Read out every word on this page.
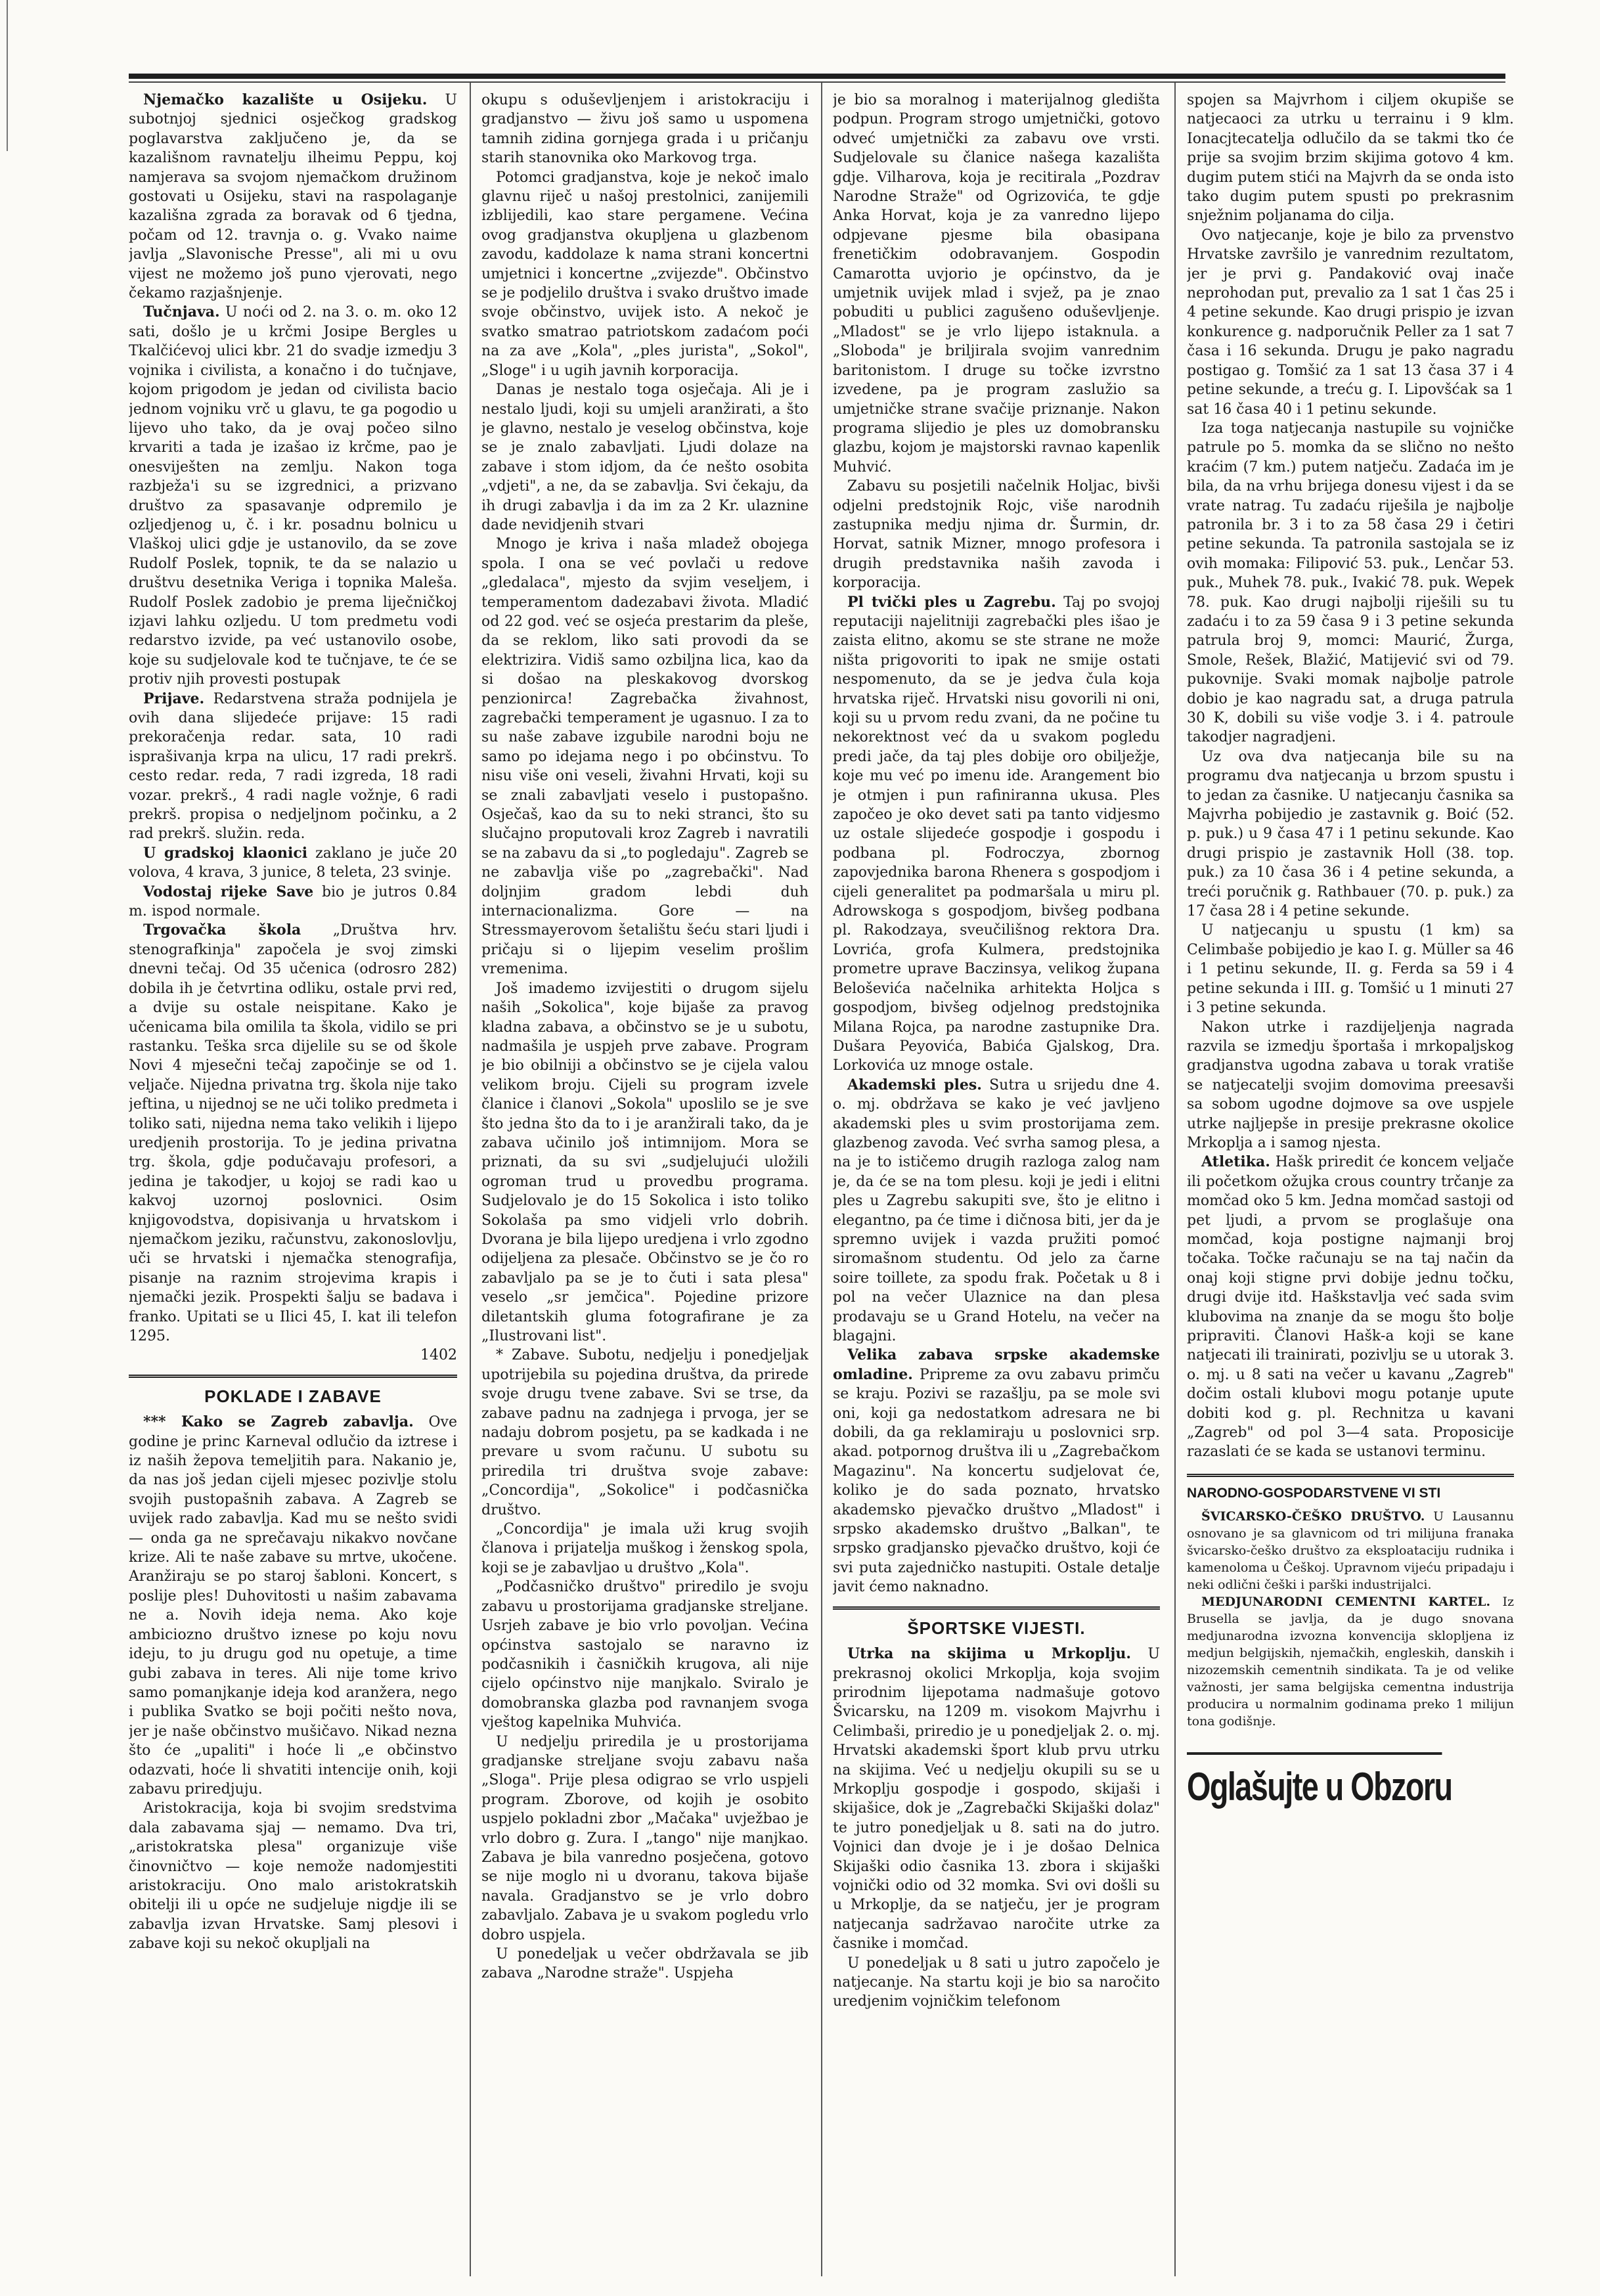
Njemačko kazalište u Osijeku. U subotnjoj sjednici osječkog gradskog poglavarstva zaključeno je, da se kazališnom ravnatelju ilheimu Peppu, koj namjerava sa svojom njemačkom družinom gostovati u Osijeku, stavi na raspolaganje kazališna zgrada za boravak od 6 tjedna, počam od 12. travnja o. g. Vvako naime javlja „Slavonische Presse", ali mi u ovu vijest ne možemo još puno vjerovati, nego čekamo razjašnjenje.

Tučnjava. U noći od 2. na 3. o. m. oko 12 sati, došlo je u krčmi Josipe Bergles u Tkalčićevoj ulici kbr. 21 do svadje izmedju 3 vojnika i civilista, a konačno i do tučnjave, kojom prigodom je jedan od civilista bacio jednom vojniku vrč u glavu, te ga pogodio u lijevo uho tako, da je ovaj počeo silno krvariti a tada je izašao iz krčme, pao je onesviješten na zemlju. Nakon toga razbježa'i su se izgrednici, a prizvano društvo za spasavanje odpremilo je ozljedjenog u, č. i kr. posadnu bolnicu u Vlaškoj ulici gdje je ustanovilo, da se zove Rudolf Poslek, topnik, te da se nalazio u društvu desetnika Veriga i topnika Maleša. Rudolf Poslek zadobio je prema liječničkoj izjavi lahku ozljedu. U tom predmetu vodi redarstvo izvide, pa već ustanovilo osobe, koje su sudjelovale kod te tučnjave, te će se protiv njih provesti postupak

Prijave. Redarstvena straža podnijela je ovih dana slijedeće prijave: 15 radi prekoračenja redar. sata, 10 radi isprašivanja krpa na ulicu, 17 radi prekrš. cesto redar. reda, 7 radi izgreda, 18 radi vozar. prekrš., 4 radi nagle vožnje, 6 radi prekrš. propisa o nedjeljnom počinku, a 2 rad prekrš. služin. reda.

U gradskoj klaonici zaklano je juče 20 volova, 4 krava, 3 junice, 8 teleta, 23 svinje.

Vodostaj rijeke Save bio je jutros 0.84 m. ispod normale.

Trgovačka škola „Društva hrv. stenografkinja" započela je svoj zimski dnevni tečaj. Od 35 učenica (odrosro 282) dobila ih je četvrtina odliku, ostale prvi red, a dvije su ostale neispitane. Kako je učenicama bila omilila ta škola, vidilo se pri rastanku. Teška srca dijelile su se od škole Novi 4 mjesečni tečaj započinje se od 1. veljače. Nijedna privatna trg. škola nije tako jeftina, u nijednoj se ne uči toliko predmeta i toliko sati, nijedna nema tako velikih i lijepo uredjenih prostorija. To je jedina privatna trg. škola, gdje podučavaju profesori, a jedina je takodjer, u kojoj se radi kao u kakvoj uzornoj poslovnici. Osim knjigovodstva, dopisivanja u hrvatskom i njemačkom jeziku, računstvu, zakonoslovlju, uči se hrvatski i njemačka stenografija, pisanje na raznim strojevima krapis i njemački jezik. Prospekti šalju se badava i franko. Upitati se u Ilici 45, I. kat ili telefon 1295.

1402
POKLADE I ZABAVE

*** Kako se Zagreb zabavlja. Ove godine je princ Karneval odlučio da iztrese i iz naših žepova temeljitih para. Nakanio je, da nas još jedan cijeli mjesec pozivlje stolu svojih pustopašnih zabava. A Zagreb se uvijek rado zabavlja. Kad mu se nešto svidi — onda ga ne sprečavaju nikakvo novčane krize. Ali te naše zabave su mrtve, ukočene. Aranžiraju se po staroj šabloni. Koncert, s poslije ples! Duhovitosti u našim zabavama ne a. Novih ideja nema. Ako koje ambiciozno društvo iznese po koju novu ideju, to ju drugu god nu opetuje, a time gubi zabava in teres. Ali nije tome krivo samo pomanjkanje ideja kod aranžera, nego i publika Svatko se boji počiti nešto nova, jer je naše občinstvo mušičavo. Nikad nezna što će „upaliti" i hoće li „e občinstvo odazvati, hoće li shvatiti intencije onih, koji zabavu priredjuju.

Aristokracija, koja bi svojim sredstvima dala zabavama sjaj — nemamo. Dva tri, „aristokratska plesa" organizuje više činovničtvo — koje nemože nadomjestiti aristokraciju. Ono malo aristokratskih obitelji ili u opće ne sudjeluje nigdje ili se zabavlja izvan Hrvatske. Samj plesovi i zabave koji su nekoč okupljali na

okupu s oduševljenjem i aristokraciju i gradjanstvo — živu još samo u uspomena tamnih zidina gornjega grada i u pričanju starih stanovnika oko Markovog trga.

Potomci gradjanstva, koje je nekoč imalo glavnu riječ u našoj prestolnici, zanijemili izblijedili, kao stare pergamene. Većina ovog gradjanstva okupljena u glazbenom zavodu, kaddolaze k nama strani koncertni umjetnici i koncertne „zvijezde". Občinstvo se je podjelilo društva i svako društvo imade svoje občinstvo, uvijek isto. A nekoč je svatko smatrao patriotskom zadaćom poći na za ave „Kola", „ples jurista", „Sokol", „Sloge" i u ugih javnih korporacija.

Danas je nestalo toga osječaja. Ali je i nestalo ljudi, koji su umjeli aranžirati, a što je glavno, nestalo je veselog občinstva, koje se je znalo zabavljati. Ljudi dolaze na zabave i stom idjom, da će nešto osobita „vdjeti", a ne, da se zabavlja. Svi čekaju, da ih drugi zabavlja i da im za 2 Kr. ulaznine dade nevidjenih stvari

Mnogo je kriva i naša mladež obojega spola. I ona se već povlači u redove „gledalaca", mjesto da svjim veseljem, i temperamentom dadezabavi života. Mladić od 22 god. već se osjeća prestarim da pleše, da se reklom, liko sati provodi da se elektrizira. Vidiš samo ozbiljna lica, kao da si došao na pleskakovog dvorskog penzionirca! Zagrebačka živahnost, zagrebački temperament je ugasnuo. I za to su naše zabave izgubile narodni boju ne samo po idejama nego i po obćinstvu. To nisu više oni veseli, živahni Hrvati, koji su se znali zabavljati veselo i pustopašno. Osječaš, kao da su to neki stranci, što su slučajno proputovali kroz Zagreb i navratili se na zabavu da si „to pogledaju". Zagreb se ne zabavlja više po „zagrebački". Nad doljnjim gradom lebdi duh internacionalizma. Gore — na Stressmayerovom šetalištu šeću stari ljudi i pričaju si o lijepim veselim prošlim vremenima.

Još imademo izvijestiti o drugom sijelu naših „Sokolica", koje bijaše za pravog kladna zabava, a občinstvo se je u subotu, nadmašila je uspjeh prve zabave. Program je bio obilniji a občinstvo se je cijela valou velikom broju. Cijeli su program izvele članice i članovi „Sokola" uposlilo se je sve što jedna što da to i je aranžirali tako, da je zabava učinilo još intimnijom. Mora se priznati, da su svi „sudjelujući uložili ogroman trud u provedbu programa. Sudjelovalo je do 15 Sokolica i isto toliko Sokolaša pa smo vidjeli vrlo dobrih. Dvorana je bila lijepo uredjena i vrlo zgodno odijeljena za plesače. Občinstvo se je čo ro zabavljalo pa se je to čuti i sata plesa" veselo „sr jemčica". Pojedine prizore diletantskih gluma fotografirane je za „Ilustrovani list".

* Zabave. Subotu, nedjelju i ponedjeljak upotrijebila su pojedina društva, da prirede svoje drugu tvene zabave. Svi se trse, da zabave padnu na zadnjega i prvoga, jer se nadaju dobrom posjetu, pa se kadkada i ne prevare u svom računu. U subotu su priredila tri društva svoje zabave: „Concordija", „Sokolice" i podčasnička društvo.

„Concordija" je imala uži krug svojih članova i prijatelja muškog i ženskog spola, koji se je zabavljao u društvo „Kola".

„Podčasničko društvo" priredilo je svoju zabavu u prostorijama gradjanske streljane. Usrjeh zabave je bio vrlo povoljan. Većina općinstva sastojalo se naravno iz podčasnikih i časničkih krugova, ali nije cijelo općinstvo nije manjkalo. Sviralo je domobranska glazba pod ravnanjem svoga vještog kapelnika Muhvića.

U nedjelju priredila je u prostorijama gradjanske streljane svoju zabavu naša „Sloga". Prije plesa odigrao se vrlo uspjeli program. Zborove, od kojih je osobito uspjelo pokladni zbor „Mačaka" uvježbao je vrlo dobro g. Zura. I „tango" nije manjkao. Zabava je bila vanredno posječena, gotovo se nije moglo ni u dvoranu, takova bijaše navala. Gradjanstvo se je vrlo dobro zabavljalo. Zabava je u svakom pogledu vrlo dobro uspjela.

U ponedeljak u večer obdržavala se jib zabava „Narodne straže". Uspjeha

je bio sa moralnog i materijalnog gledišta podpun. Program strogo umjetnički, gotovo odveć umjetnički za zabavu ove vrsti. Sudjelovale su članice našega kazališta gdje. Vilharova, koja je recitirala „Pozdrav Narodne Straže" od Ogrizovića, te gdje Anka Horvat, koja je za vanredno lijepo odpjevane pjesme bila obasipana frenetičkim odobravanjem. Gospodin Camarotta uvjorio je općinstvo, da je umjetnik uvijek mlad i svjež, pa je znao pobuditi u publici zagušeno oduševljenje. „Mladost" se je vrlo lijepo istaknula. a „Sloboda" je briljirala svojim vanrednim baritonistom. I druge su točke izvrstno izvedene, pa je program zaslužio sa umjetničke strane svačije priznanje. Nakon programa slijedio je ples uz domobransku glazbu, kojom je majstorski ravnao kapenlik Muhvić.

Zabavu su posjetili načelnik Holjac, bivši odjelni predstojnik Rojc, više narodnih zastupnika medju njima dr. Šurmin, dr. Horvat, satnik Mizner, mnogo profesora i drugih predstavnika naših zavoda i korporacija.

Pl tvički ples u Zagrebu. Taj po svojoj reputaciji najelitniji zagrebački ples išao je zaista elitno, akomu se ste strane ne može ništa prigovoriti to ipak ne smije ostati nespomenuto, da se je jedva čula koja hrvatska riječ. Hrvatski nisu govorili ni oni, koji su u prvom redu zvani, da ne počine tu nekorektnost već da u svakom pogledu predi jače, da taj ples dobije oro obilježje, koje mu već po imenu ide. Arangement bio je otmjen i pun rafiniranna ukusa. Ples započeo je oko devet sati pa tanto vidjesmo uz ostale slijedeće gospodje i gospodu i podbana pl. Fodroczya, zbornog zapovjednika barona Rhenera s gospodjom i cijeli generalitet pa podmaršala u miru pl. Adrowskoga s gospodjom, bivšeg podbana pl. Rakodzaya, sveučilišnog rektora Dra. Lovrića, grofa Kulmera, predstojnika prometre uprave Baczinsya, velikog župana Beloševića načelnika arhitekta Holjca s gospodjom, bivšeg odjelnog predstojnika Milana Rojca, pa narodne zastupnike Dra. Dušara Peyovića, Babića Gjalskog, Dra. Lorkovića uz mnoge ostale.

Akademski ples. Sutra u srijedu dne 4. o. mj. obdržava se kako je već javljeno akademski ples u svim prostorijama zem. glazbenog zavoda. Već svrha samog plesa, a na je to ističemo drugih razloga zalog nam je, da će se na tom plesu. koji je jedi i elitni ples u Zagrebu sakupiti sve, što je elitno i elegantno, pa će time i dičnosa biti, jer da je spremno uvijek i vazda pružiti pomoć siromašnom studentu. Od jelo za čarne soire toillete, za spodu frak. Početak u 8 i pol na večer Ulaznice na dan plesa prodavaju se u Grand Hotelu, na večer na blagajni.

Velika zabava srpske akademske omladine. Pripreme za ovu zabavu primču se kraju. Pozivi se razašlju, pa se mole svi oni, koji ga nedostatkom adresara ne bi dobili, da ga reklamiraju u poslovnici srp. akad. potpornog društva ili u „Zagrebačkom Magazinu". Na koncertu sudjelovat će, koliko je do sada poznato, hrvatsko akademsko pjevačko društvo „Mladost" i srpsko akademsko društvo „Balkan", te srpsko gradjansko pjevačko društvo, koji će svi puta zajedničko nastupiti. Ostale detalje javit ćemo naknadno.

ŠPORTSKE VIJESTI.

Utrka na skijima u Mrkoplju. U prekrasnoj okolici Mrkoplja, koja svojim prirodnim lijepotama nadmašuje gotovo Švicarsku, na 1209 m. visokom Majvrhu i Celimbaši, priredio je u ponedjeljak 2. o. mj. Hrvatski akademski šport klub prvu utrku na skijima. Već u nedjelju okupili su se u Mrkoplju gospodje i gospodo, skijaši i skijašice, dok je „Zagrebački Skijaški dolaz" te jutro ponedjeljak u 8. sati na do jutro. Vojnici dan dvoje je i je došao Delnica Skijaški odio časnika 13. zbora i skijaški vojnički odio od 32 momka. Svi ovi došli su u Mrkoplje, da se natječu, jer je program natjecanja sadržavao naročite utrke za časnike i momčad.

U ponedeljak u 8 sati u jutro započelo je natjecanje. Na startu koji je bio sa naročito uredjenim vojničkim telefonom

spojen sa Majvrhom i ciljem okupiše se natjecaoci za utrku u terrainu i 9 klm. Ionacjtecatelja odlučilo da se takmi tko će prije sa svojim brzim skijima gotovo 4 km. dugim putem stići na Majvrh da se onda isto tako dugim putem spusti po prekrasnim snježnim poljanama do cilja.

Ovo natjecanje, koje je bilo za prvenstvo Hrvatske završilo je vanrednim rezultatom, jer je prvi g. Pandaković ovaj inače neprohodan put, prevalio za 1 sat 1 čas 25 i 4 petine sekunde. Kao drugi prispio je izvan konkurence g. nadporučnik Peller za 1 sat 7 časa i 16 sekunda. Drugu je pako nagradu postigao g. Tomšić za 1 sat 13 časa 37 i 4 petine sekunde, a treću g. I. Lipovšćak sa 1 sat 16 časa 40 i 1 petinu sekunde.

Iza toga natjecanja nastupile su vojničke patrule po 5. momka da se slično no nešto kraćim (7 km.) putem natječu. Zadaća im je bila, da na vrhu brijega donesu vijest i da se vrate natrag. Tu zadaću riješila je najbolje patronila br. 3 i to za 58 časa 29 i četiri petine sekunda. Ta patronila sastojala se iz ovih momaka: Filipović 53. puk., Lenčar 53. puk., Muhek 78. puk., Ivakić 78. puk. Wepek 78. puk. Kao drugi najbolji riješili su tu zadaću i to za 59 časa 9 i 3 petine sekunda patrula broj 9, momci: Maurić, Žurga, Smole, Rešek, Blažić, Matijević svi od 79. pukovnije. Svaki momak najbolje patrole dobio je kao nagradu sat, a druga patrula 30 K, dobili su više vodje 3. i 4. patroule takodjer nagradjeni.

Uz ova dva natjecanja bile su na programu dva natjecanja u brzom spustu i to jedan za časnike. U natjecanju časnika sa Majvrha pobijedio je zastavnik g. Boić (52. p. puk.) u 9 časa 47 i 1 petinu sekunde. Kao drugi prispio je zastavnik Holl (38. top. puk.) za 10 časa 36 i 4 petine sekunda, a treći poručnik g. Rathbauer (70. p. puk.) za 17 časa 28 i 4 petine sekunde.

U natjecanju u spustu (1 km) sa Celimbaše pobijedio je kao I. g. Müller sa 46 i 1 petinu sekunde, II. g. Ferda sa 59 i 4 petine sekunda i III. g. Tomšić u 1 minuti 27 i 3 petine sekunda.

Nakon utrke i razdijeljenja nagrada razvila se izmedju športaša i mrkopaljskog gradjanstva ugodna zabava u torak vratiše se natjecatelji svojim domovima preesavši sa sobom ugodne dojmove sa ove uspjele utrke najljepše in presije prekrasne okolice Mrkoplja a i samog njesta.

Atletika. Hašk priredit će koncem veljače ili početkom ožujka crous country trčanje za momčad oko 5 km. Jedna momčad sastoji od pet ljudi, a prvom se proglašuje ona momčad, koja postigne najmanji broj točaka. Točke računaju se na taj način da onaj koji stigne prvi dobije jednu točku, drugi dvije itd. Haškstavlja već sada svim klubovima na znanje da se mogu što bolje pripraviti. Članovi Hašk-a koji se kane natjecati ili trainirati, pozivlju se u utorak 3. o. mj. u 8 sati na večer u kavanu „Zagreb" dočim ostali klubovi mogu potanje upute dobiti kod g. pl. Rechnitza u kavani „Zagreb" od pol 3—4 sata. Proposicije razaslati će se kada se ustanovi terminu.

NARODNO-GOSPODARSTVENE VI STI

ŠVICARSKO-ČEŠKO DRUŠTVO. U Lausannu osnovano je sa glavnicom od tri milijuna franaka švicarsko-češko društvo za eksploataciju rudnika i kamenoloma u Češkoj. Upravnom vijeću pripadaju i neki odlični češki i parški industrijalci.

MEDJUNARODNI CEMENTNI KARTEL. Iz Brusella se javlja, da je dugo snovana medjunarodna izvozna konvencija sklopljena iz medjun belgijskih, njemačkih, engleskih, danskih i nizozemskih cementnih sindikata. Ta je od velike važnosti, jer sama belgijska cementna industrija producira u normalnim godinama preko 1 milijun tona godišnje.

Oglašujte u Obzoru
